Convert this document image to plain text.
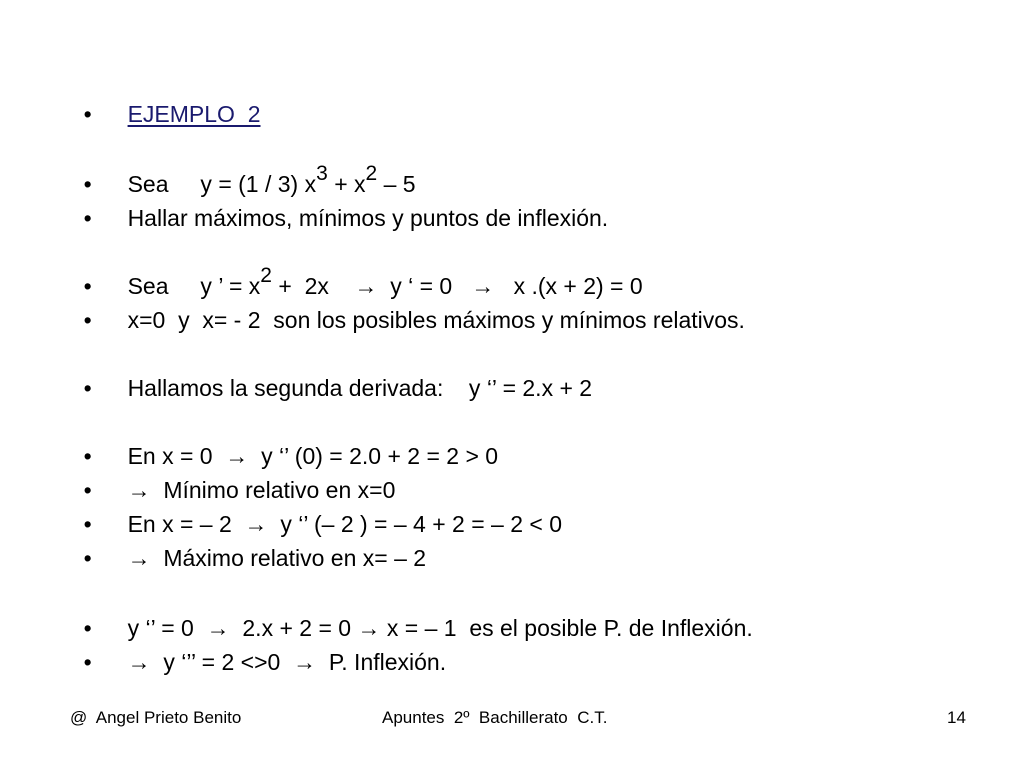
• EJEMPLO  2

• Sea     y = (1 / 3) $x^3 + x^2 - 5$

• Hallar máximos, mínimos y puntos de inflexión.

• Sea     y ’ = $x^2 + 2x$    →  y ‘ = 0   →   x .(x + 2) = 0

• x=0  y  x= - 2  son los posibles máximos y mínimos relativos.

• Hallamos la segunda derivada:    y ‘’ = 2.x + 2

• En x = 0  →  y ‘’ (0) = 2.0 + 2 = 2 > 0

• →  Mínimo relativo en x=0

• En x = – 2  →  y ‘’ (– 2 ) = – 4 + 2 = – 2 < 0

• →  Máximo relativo en x= – 2

• y ‘’ = 0  →  2.x + 2 = 0 → x = – 1  es el posible P. de Inflexión.

• →  y ‘’’ = 2 <>0  →  P. Inflexión.

@  Angel Prieto Benito	Apuntes  2º  Bachillerato  C.T.	14
